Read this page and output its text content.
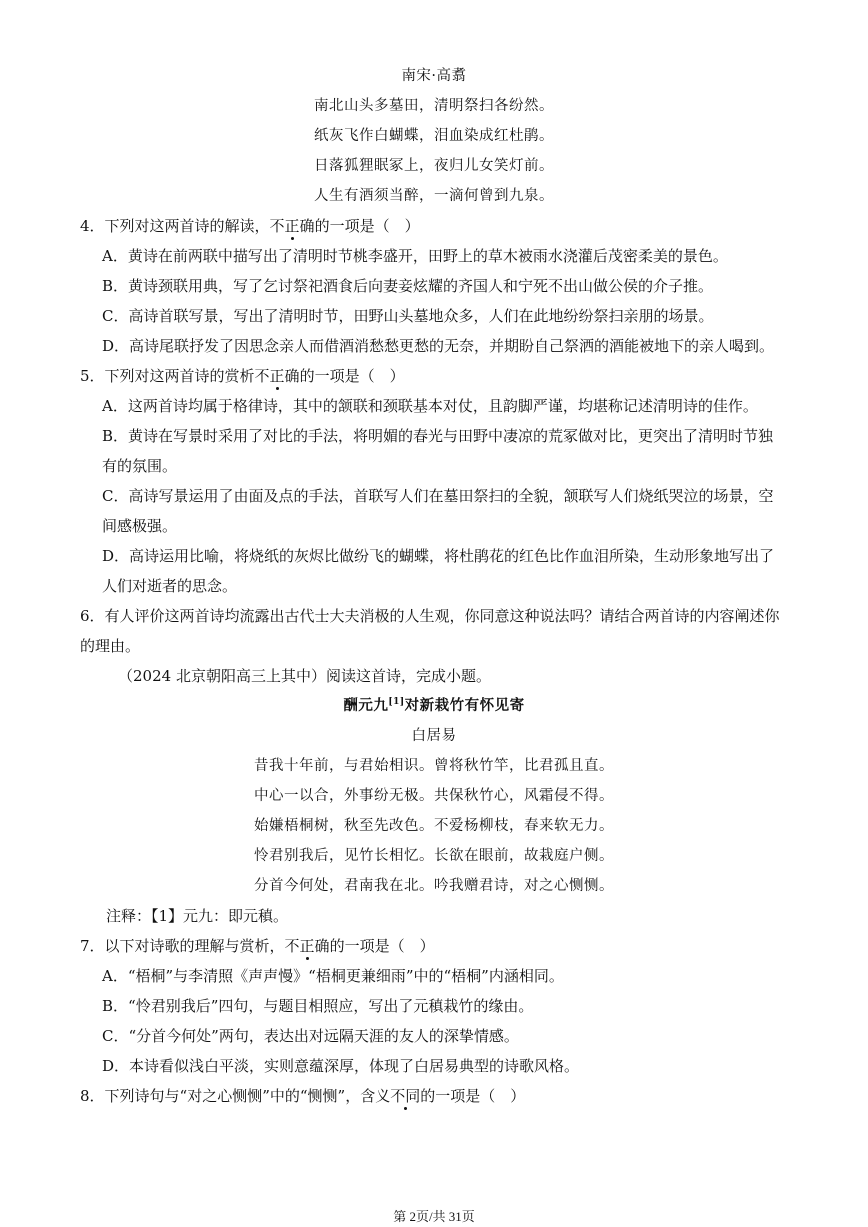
南宋·高翥
南北山头多墓田，清明祭扫各纷然。
纸灰飞作白蝴蝶，泪血染成红杜鹃。
日落狐狸眠冢上，夜归儿女笑灯前。
人生有酒须当醉，一滴何曾到九泉。
4．下列对这两首诗的解读，不正确的一项是（　）
A．黄诗在前两联中描写出了清明时节桃李盛开，田野上的草木被雨水浇灌后茂密柔美的景色。
B．黄诗颈联用典，写了乞讨祭祀酒食后向妻妾炫耀的齐国人和宁死不出山做公侯的介子推。
C．高诗首联写景，写出了清明时节，田野山头墓地众多，人们在此地纷纷祭扫亲朋的场景。
D．高诗尾联抒发了因思念亲人而借酒消愁愁更愁的无奈，并期盼自己祭洒的酒能被地下的亲人喝到。
5．下列对这两首诗的赏析不正确的一项是（　）
A．这两首诗均属于格律诗，其中的颔联和颈联基本对仗，且韵脚严谨，均堪称记述清明诗的佳作。
B．黄诗在写景时采用了对比的手法，将明媚的春光与田野中凄凉的荒冢做对比，更突出了清明时节独
有的氛围。
C．高诗写景运用了由面及点的手法，首联写人们在墓田祭扫的全貌，颔联写人们烧纸哭泣的场景，空
间感极强。
D．高诗运用比喻，将烧纸的灰烬比做纷飞的蝴蝶，将杜鹃花的红色比作血泪所染，生动形象地写出了
人们对逝者的思念。
6．有人评价这两首诗均流露出古代士大夫消极的人生观，你同意这种说法吗？请结合两首诗的内容阐述你
的理由。
（2024 北京朝阳高三上其中）阅读这首诗，完成小题。
酬元九[1]对新栽竹有怀见寄
白居易
昔我十年前，与君始相识。曾将秋竹竿，比君孤且直。
中心一以合，外事纷无极。共保秋竹心，风霜侵不得。
始嫌梧桐树，秋至先改色。不爱杨柳枝，春来软无力。
怜君别我后，见竹长相忆。长欲在眼前，故栽庭户侧。
分首今何处，君南我在北。吟我赠君诗，对之心恻恻。
注释：【1】元九：即元稹。
7．以下对诗歌的理解与赏析，不正确的一项是（　）
A．“梧桐”与李清照《声声慢》“梧桐更兼细雨”中的“梧桐”内涵相同。
B．“怜君别我后”四句，与题目相照应，写出了元稹栽竹的缘由。
C．“分首今何处”两句，表达出对远隔天涯的友人的深挚情感。
D．本诗看似浅白平淡，实则意蕴深厚，体现了白居易典型的诗歌风格。
8．下列诗句与“对之心恻恻”中的“恻恻”，含义不同的一项是（　）
第 2页/共 31页
